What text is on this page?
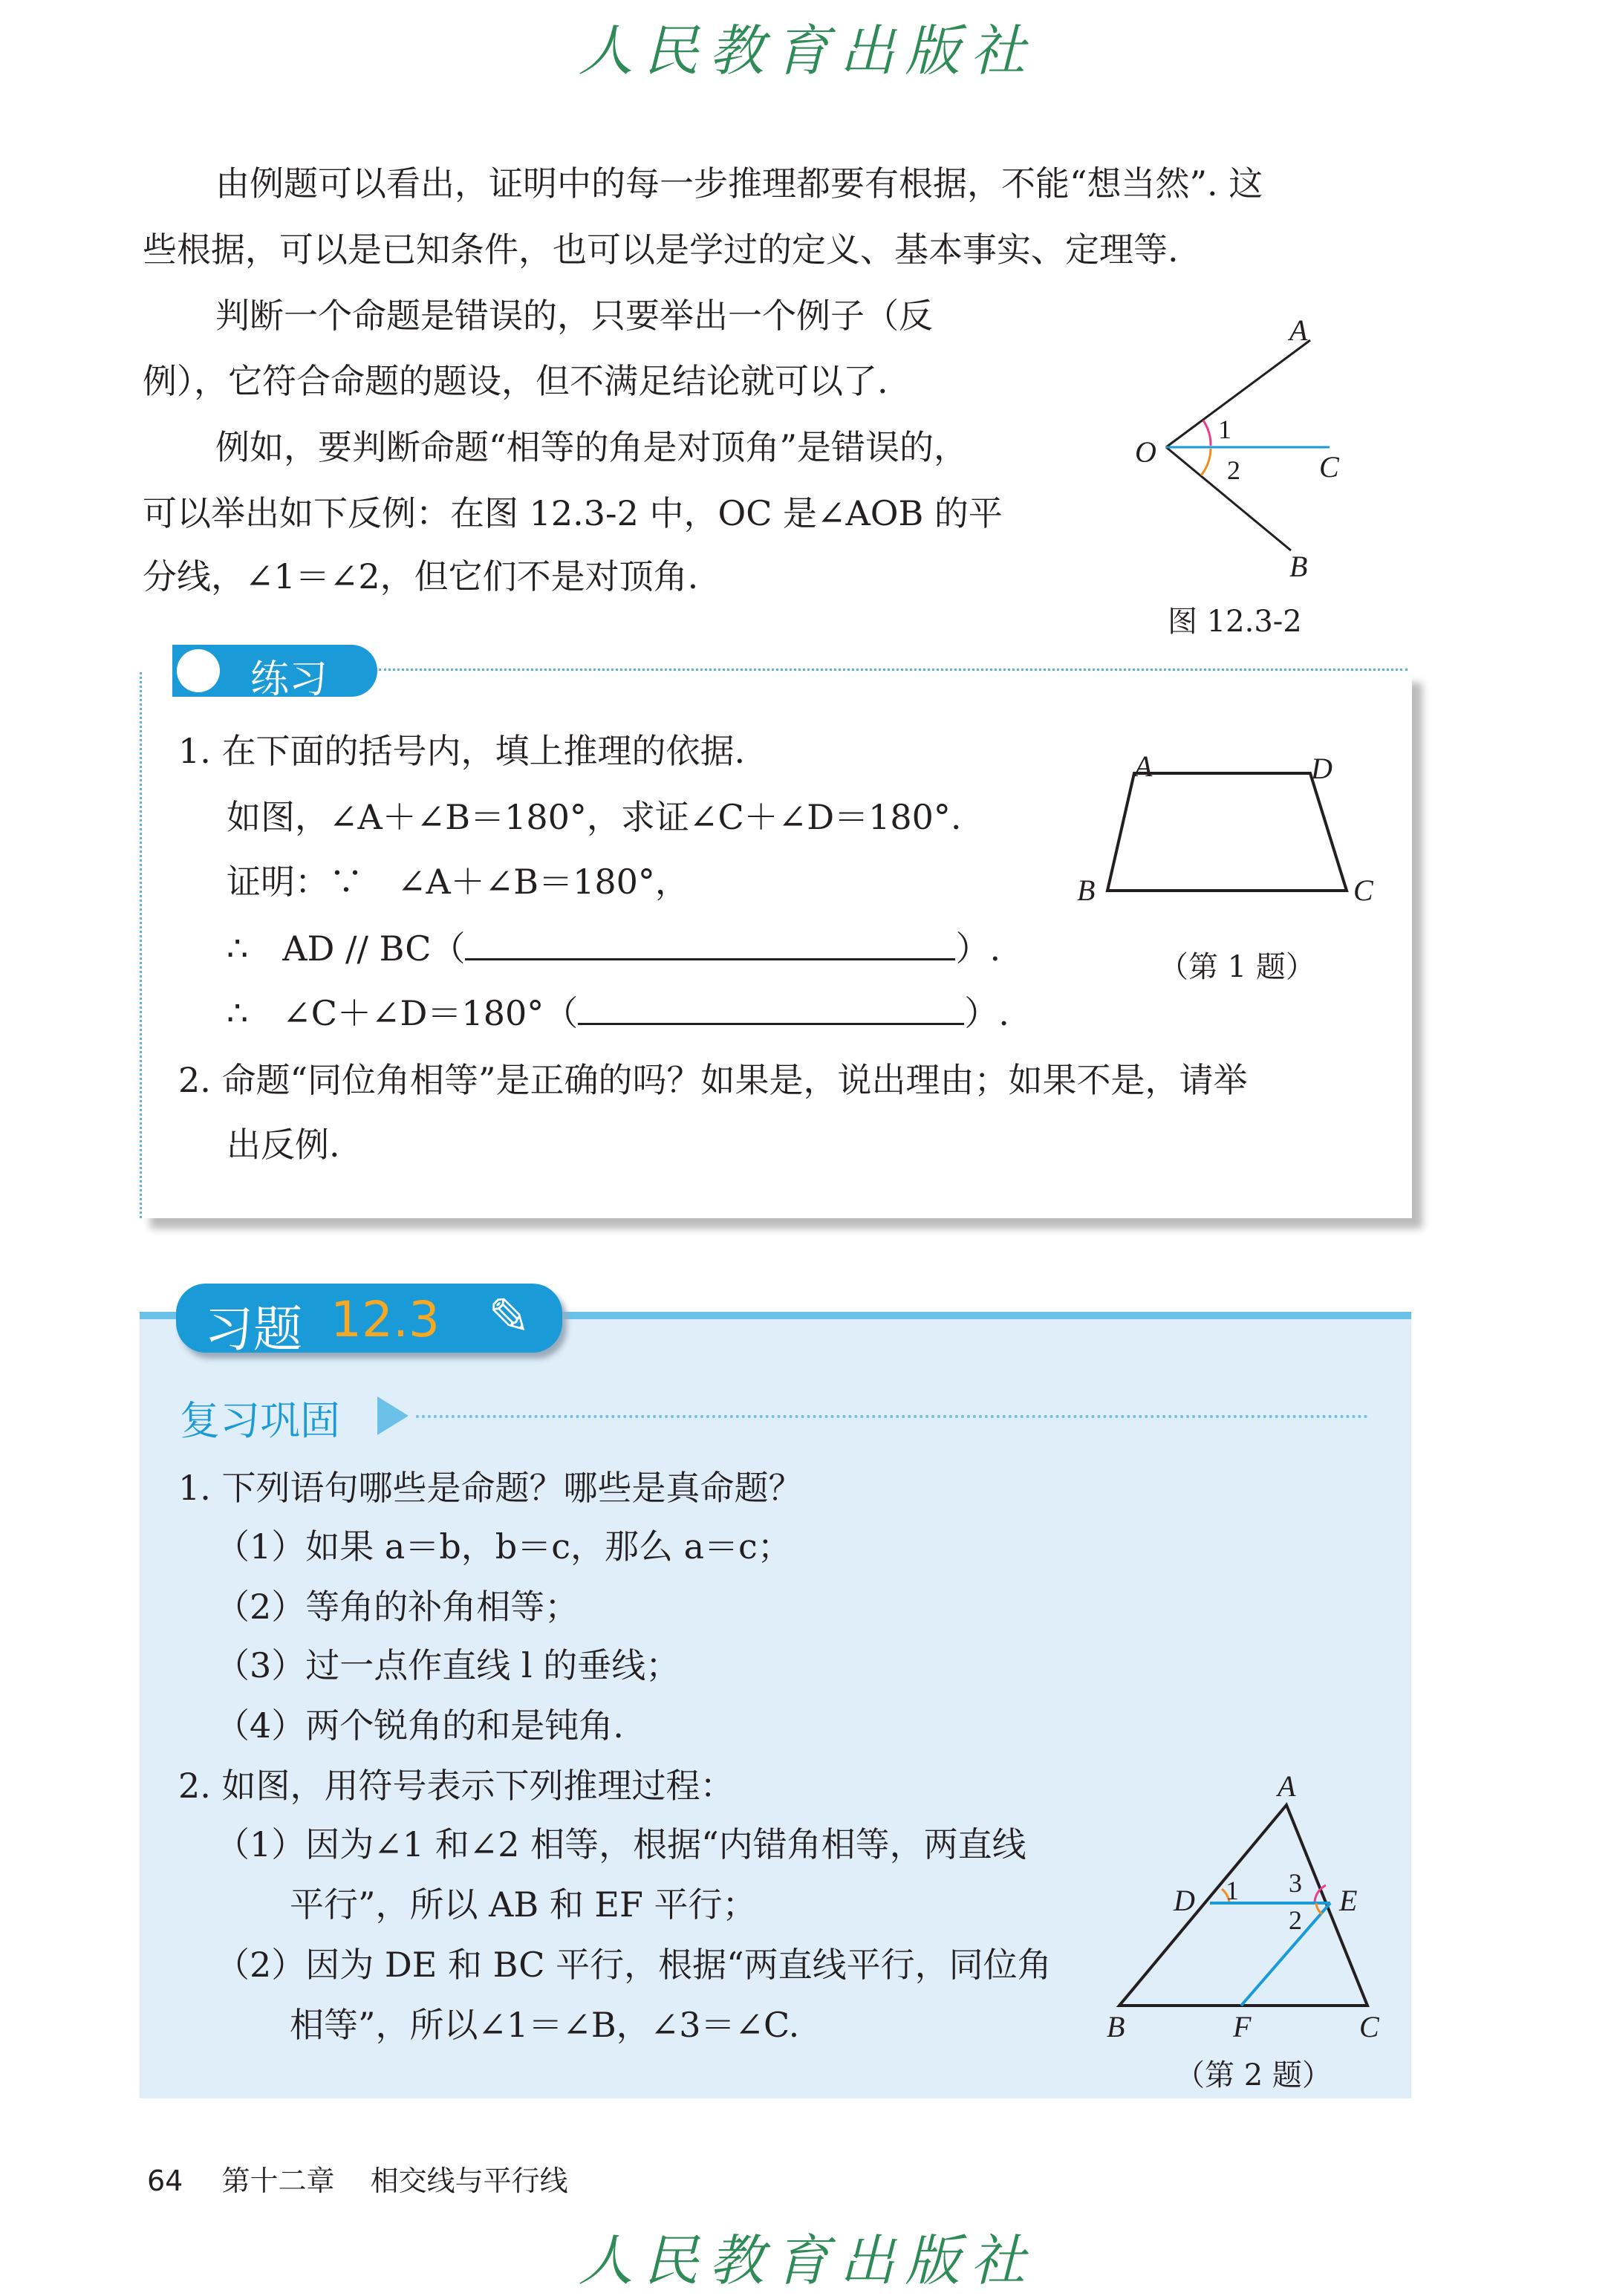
人民教育出版社
由例题可以看出，证明中的每一步推理都要有根据，不能“想当然”. 这
些根据，可以是已知条件，也可以是学过的定义、基本事实、定理等.
判断一个命题是错误的，只要举出一个例子（反
例），它符合命题的题设，但不满足结论就可以了.
例如，要判断命题“相等的角是对顶角”是错误的，
可以举出如下反例：在图 12.3-2 中，OC 是∠AOB 的平
分线，∠1＝∠2，但它们不是对顶角.
A
O	C
B
1
2
图 12.3-2
练习
1. 在下面的括号内，填上推理的依据.
如图，∠A＋∠B＝180°，求证∠C＋∠D＝180°.
证明：∵　∠A＋∠B＝180°，
∴　AD // BC（	）.
∴　∠C＋∠D＝180°（	）.
2. 命题“同位角相等”是正确的吗？如果是，说出理由；如果不是，请举
出反例.
A	D
B	C
（第 1 题）
习题 12.3 ✎
复习巩固
1. 下列语句哪些是命题？哪些是真命题？
（1）如果 a＝b，b＝c，那么 a＝c；
（2）等角的补角相等；
（3）过一点作直线 l 的垂线；
（4）两个锐角的和是钝角.
2. 如图，用符号表示下列推理过程：
（1）因为∠1 和∠2 相等，根据“内错角相等，两直线
平行”，所以 AB 和 EF 平行；
（2）因为 DE 和 BC 平行，根据“两直线平行，同位角
相等”，所以∠1＝∠B，∠3＝∠C.
A
D	E
B	F	C
1
2
3
（第 2 题）
64 第十二章 相交线与平行线
人民教育出版社
